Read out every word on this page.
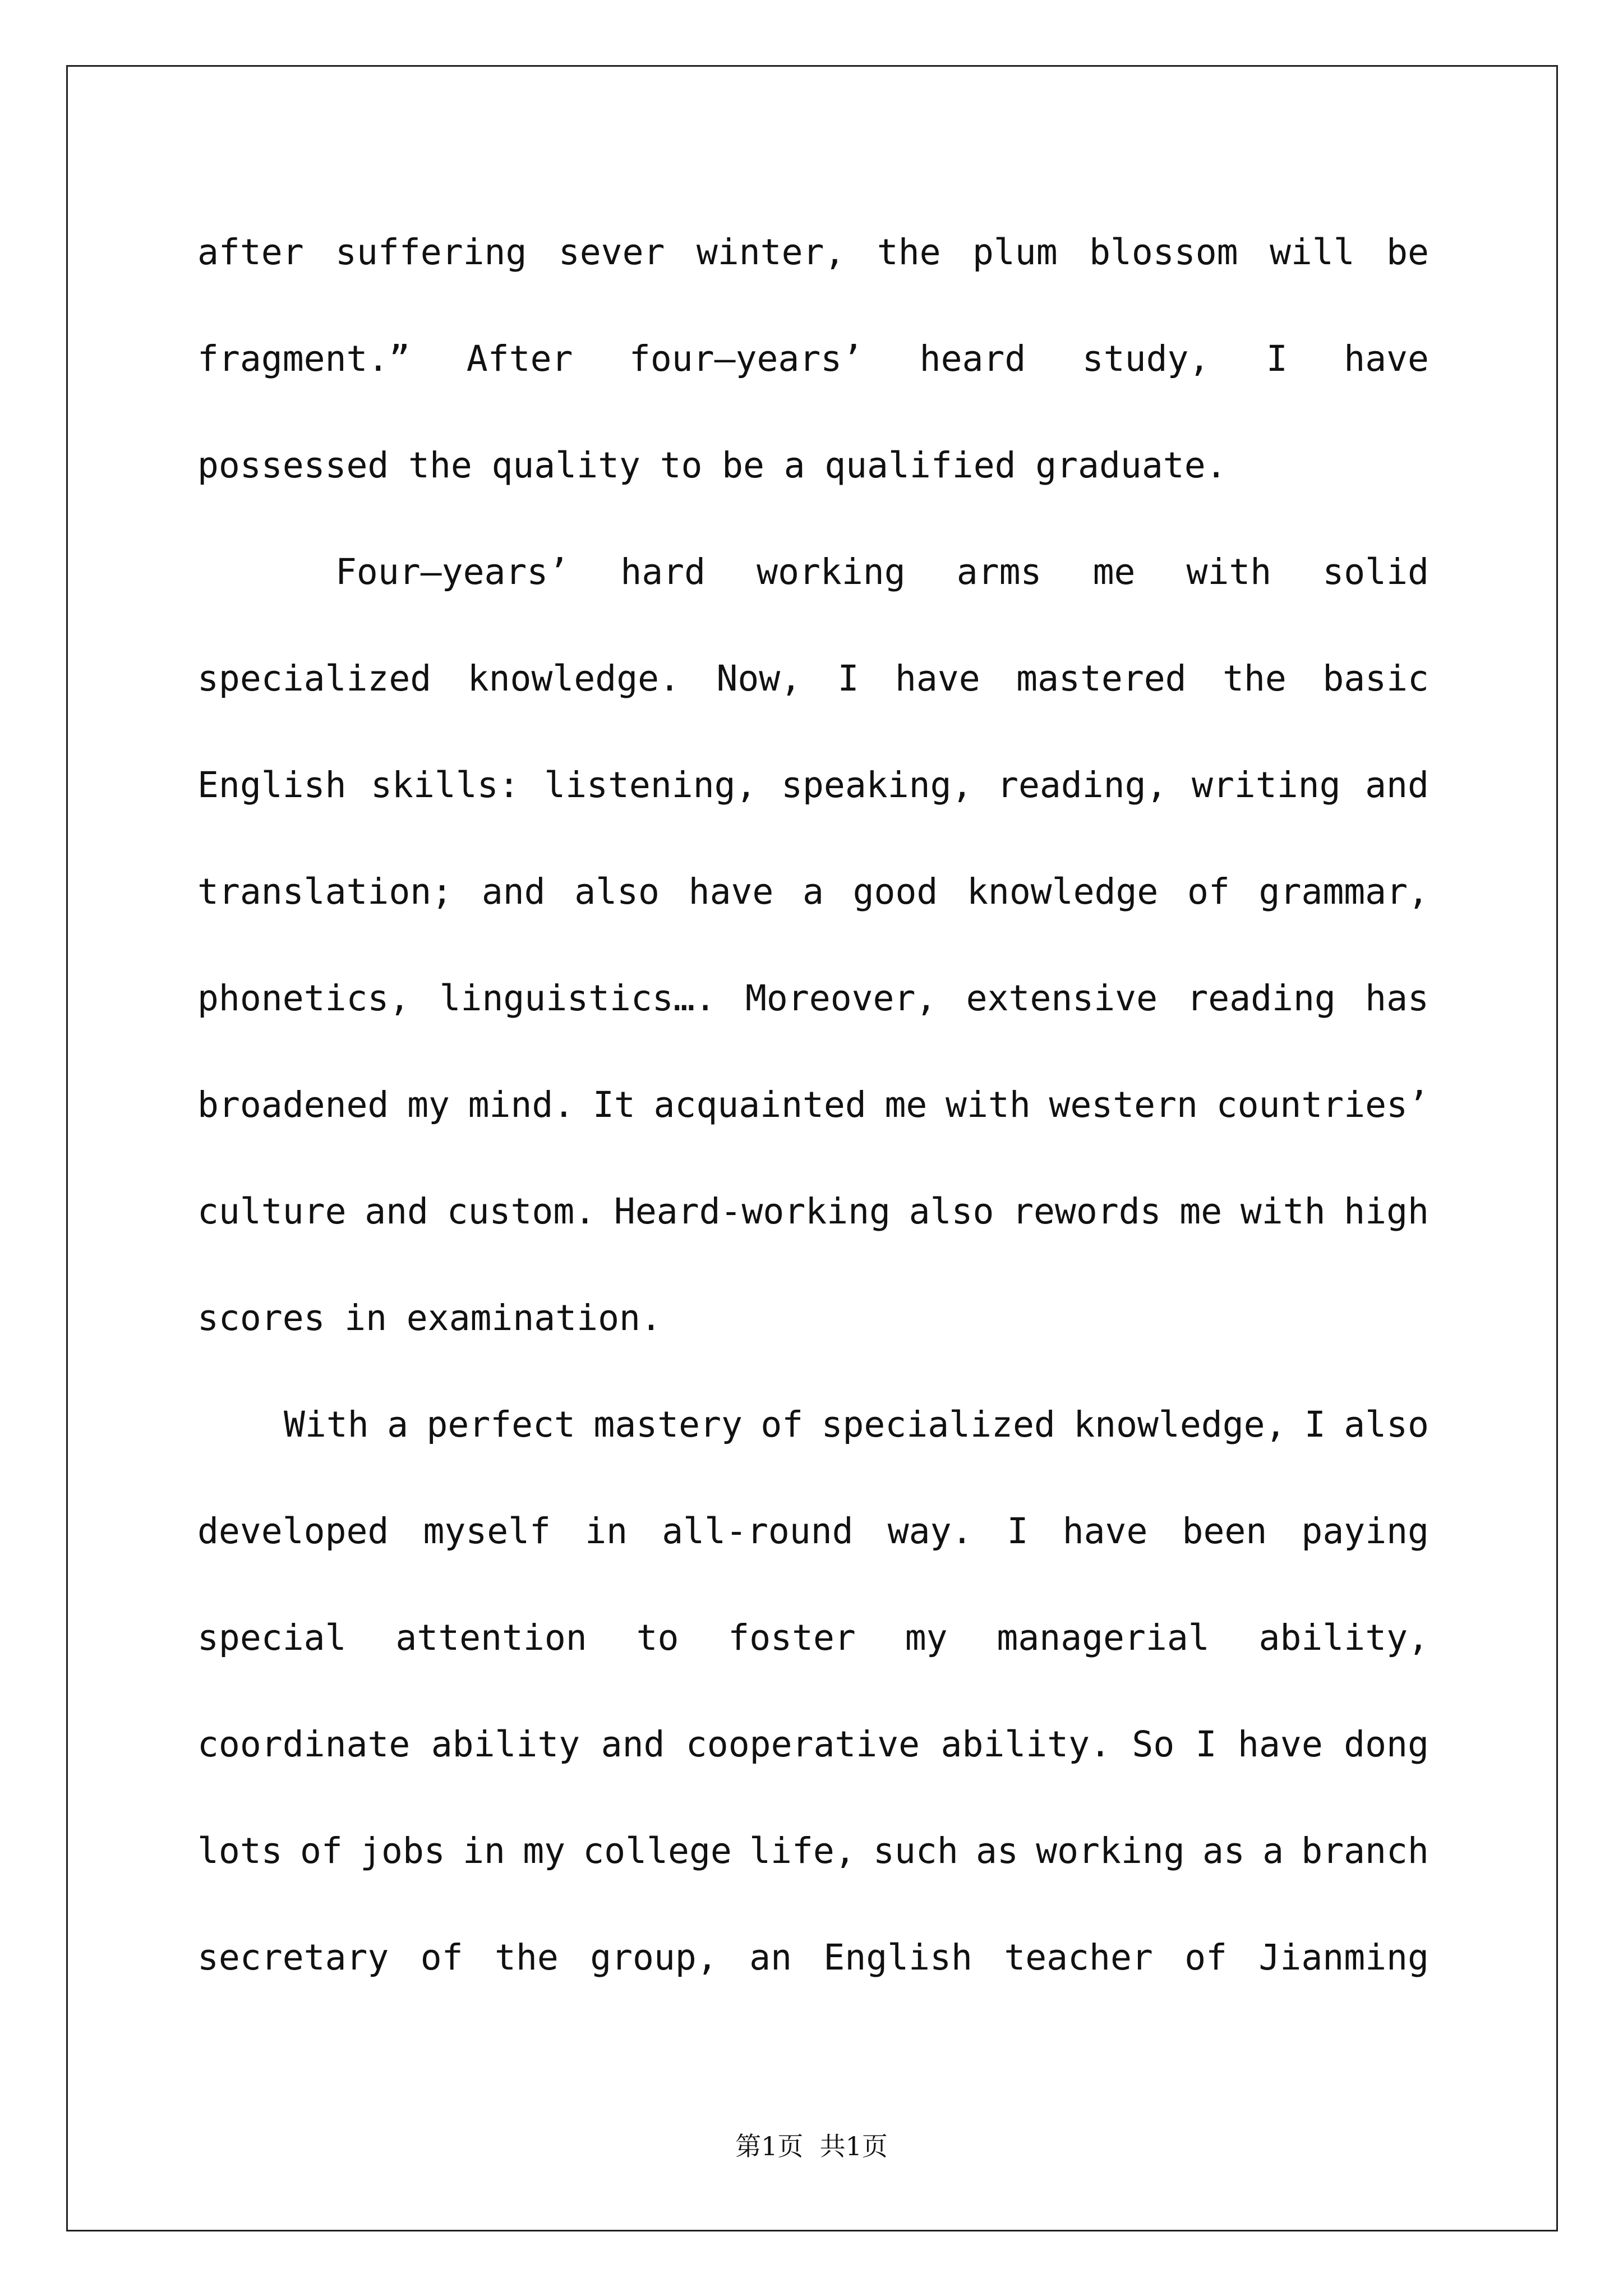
after suffering sever winter, the plum blossom will be
fragment.” After four—years’ heard study, I have
possessed the quality to be a qualified graduate.
Four—years’ hard working arms me with solid
specialized knowledge. Now, I have mastered the basic
English skills: listening, speaking, reading, writing and
translation; and also have a good knowledge of grammar,
phonetics, linguistics…. Moreover, extensive reading has
broadened my mind. It acquainted me with western countries’
culture and custom. Heard-working also rewords me with high
scores in examination.
With a perfect mastery of specialized knowledge, I also
developed myself in all-round way. I have been paying
special attention to foster my managerial ability,
coordinate ability and cooperative ability. So I have dong
lots of jobs in my college life, such as working as a branch
secretary of the group, an English teacher of Jianming
第1页  共1页
